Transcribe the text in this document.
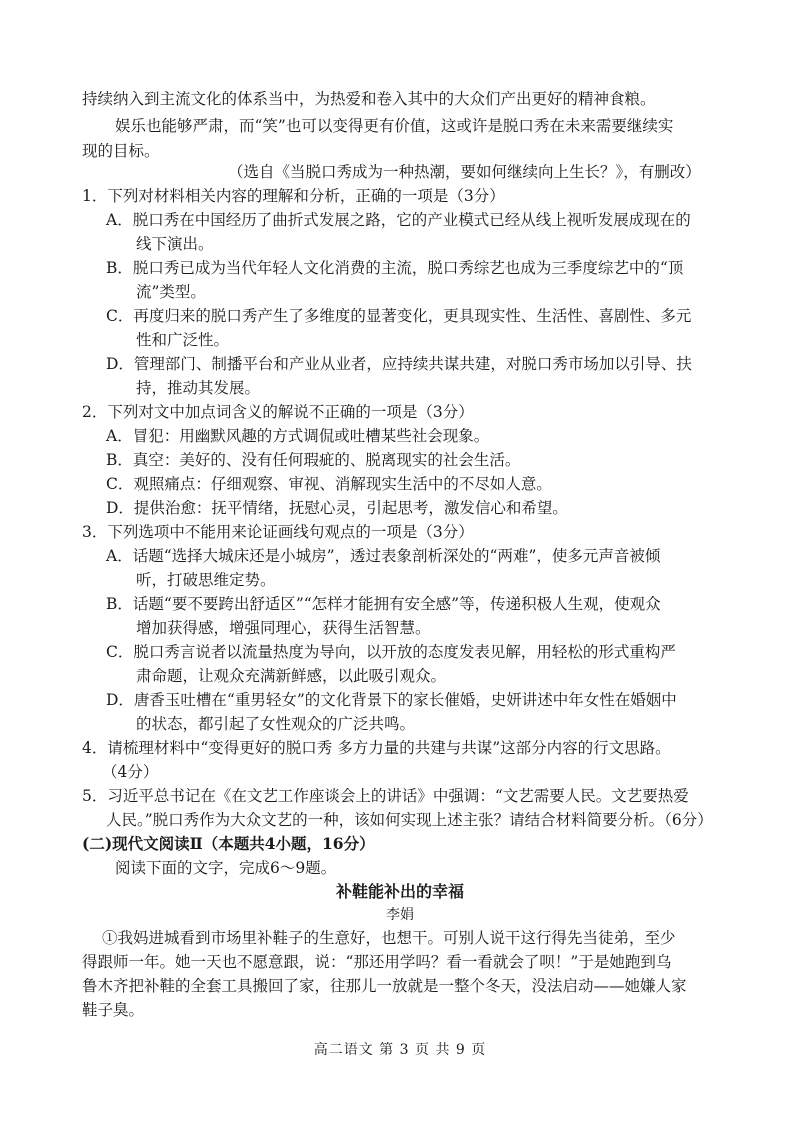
持续纳入到主流文化的体系当中，为热爱和卷入其中的大众们产出更好的精神食粮。
娱乐也能够严肃，而“笑”也可以变得更有价值，这或许是脱口秀在未来需要继续实
现的目标。
（选自《当脱口秀成为一种热潮，要如何继续向上生长？》，有删改）
1．下列对材料相关内容的理解和分析，正确的一项是（3分）
A．脱口秀在中国经历了曲折式发展之路，它的产业模式已经从线上视听发展成现在的
线下演出。
B．脱口秀已成为当代年轻人文化消费的主流，脱口秀综艺也成为三季度综艺中的“顶
流”类型。
C．再度归来的脱口秀产生了多维度的显著变化，更具现实性、生活性、喜剧性、多元
性和广泛性。
D．管理部门、制播平台和产业从业者，应持续共谋共建，对脱口秀市场加以引导、扶
持，推动其发展。
2．下列对文中加点词含义的解说不正确的一项是（3分）
A．冒犯：用幽默风趣的方式调侃或吐槽某些社会现象。
B．真空：美好的、没有任何瑕疵的、脱离现实的社会生活。
C．观照痛点：仔细观察、审视、消解现实生活中的不尽如人意。
D．提供治愈：抚平情绪，抚慰心灵，引起思考，激发信心和希望。
3．下列选项中不能用来论证画线句观点的一项是（3分）
A．话题“选择大城床还是小城房”，透过表象剖析深处的“两难”，使多元声音被倾
听，打破思维定势。
B．话题“要不要跨出舒适区”“怎样才能拥有安全感”等，传递积极人生观，使观众
增加获得感，增强同理心，获得生活智慧。
C．脱口秀言说者以流量热度为导向，以开放的态度发表见解，用轻松的形式重构严
肃命题，让观众充满新鲜感，以此吸引观众。
D．唐香玉吐槽在“重男轻女”的文化背景下的家长催婚，史妍讲述中年女性在婚姻中
的状态，都引起了女性观众的广泛共鸣。
4．请梳理材料中“变得更好的脱口秀 多方力量的共建与共谋”这部分内容的行文思路。
（4分）
5．习近平总书记在《在文艺工作座谈会上的讲话》中强调：“文艺需要人民。文艺要热爱
人民。”脱口秀作为大众文艺的一种，该如何实现上述主张？请结合材料简要分析。（6分）
(二)现代文阅读Ⅱ（本题共4小题，16分）
阅读下面的文字，完成6～9题。
补鞋能补出的幸福
李娟
①我妈进城看到市场里补鞋子的生意好，也想干。可别人说干这行得先当徒弟，至少
得跟师一年。她一天也不愿意跟，说：“那还用学吗？看一看就会了呗！”于是她跑到乌
鲁木齐把补鞋的全套工具搬回了家，往那儿一放就是一整个冬天，没法启动——她嫌人家
鞋子臭。
高二语文 第 3 页 共 9 页
